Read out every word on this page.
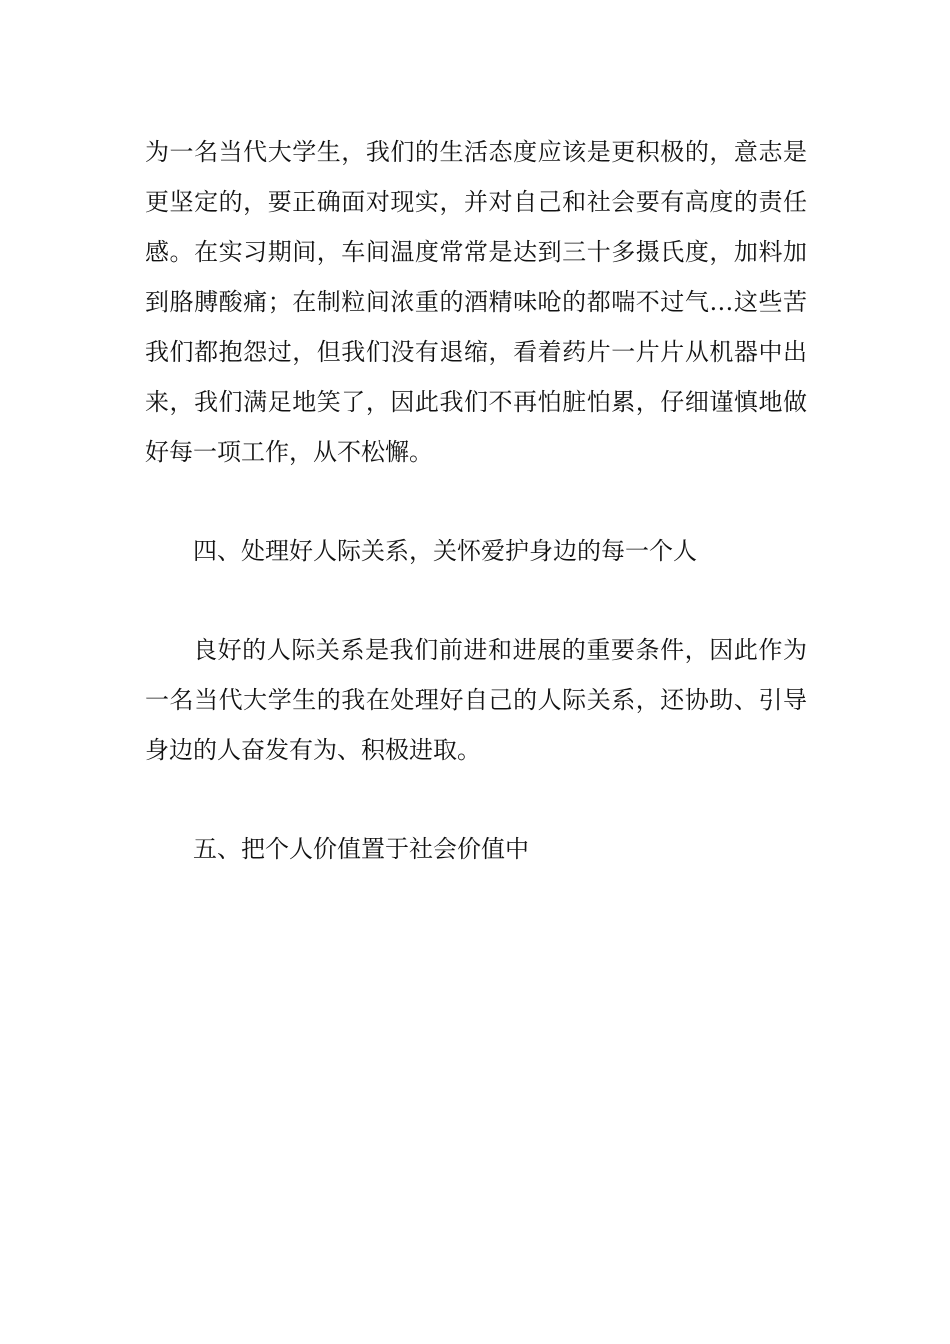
为一名当代大学生，我们的生活态度应该是更积极的，意志是
更坚定的，要正确面对现实，并对自己和社会要有高度的责任
感。在实习期间，车间温度常常是达到三十多摄氏度，加料加
到胳膊酸痛；在制粒间浓重的酒精味呛的都喘不过气…这些苦
我们都抱怨过，但我们没有退缩，看着药片一片片从机器中出
来，我们满足地笑了，因此我们不再怕脏怕累，仔细谨慎地做
好每一项工作，从不松懈。
四、处理好人际关系，关怀爱护身边的每一个人
良好的人际关系是我们前进和进展的重要条件，因此作为
一名当代大学生的我在处理好自己的人际关系，还协助、引导
身边的人奋发有为、积极进取。
五、把个人价值置于社会价值中
